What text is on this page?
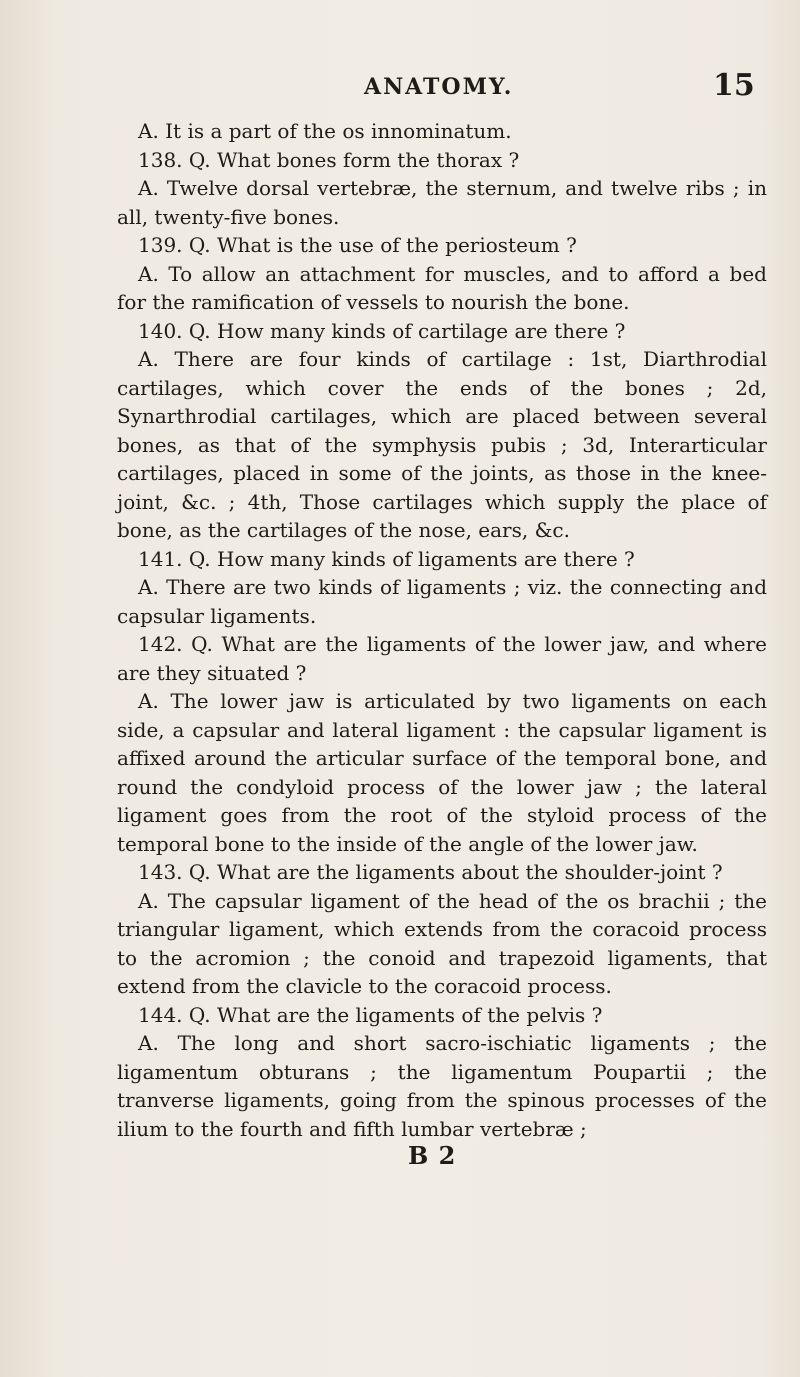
ANATOMY.	15

A. It is a part of the os innominatum.

138. Q. What bones form the thorax ?

A. Twelve dorsal vertebræ, the sternum, and twelve ribs ; in all, twenty-five bones.

139. Q. What is the use of the periosteum ?

A. To allow an attachment for muscles, and to afford a bed for the ramification of vessels to nourish the bone.

140. Q. How many kinds of cartilage are there ?

A. There are four kinds of cartilage : 1st, Diarthrodial cartilages, which cover the ends of the bones ; 2d, Synarthrodial cartilages, which are placed between several bones, as that of the symphysis pubis ; 3d, Interarticular cartilages, placed in some of the joints, as those in the knee-joint, &c. ; 4th, Those cartilages which supply the place of bone, as the cartilages of the nose, ears, &c.

141. Q. How many kinds of ligaments are there ?

A. There are two kinds of ligaments ; viz. the connecting and capsular ligaments.

142. Q. What are the ligaments of the lower jaw, and where are they situated ?

A. The lower jaw is articulated by two ligaments on each side, a capsular and lateral ligament : the capsular ligament is affixed around the articular surface of the temporal bone, and round the condyloid process of the lower jaw ; the lateral ligament goes from the root of the styloid process of the temporal bone to the inside of the angle of the lower jaw.

143. Q. What are the ligaments about the shoulder-joint ?

A. The capsular ligament of the head of the os brachii ; the triangular ligament, which extends from the coracoid process to the acromion ; the conoid and trapezoid ligaments, that extend from the clavicle to the coracoid process.

144. Q. What are the ligaments of the pelvis ?

A. The long and short sacro-ischiatic ligaments ; the ligamentum obturans ; the ligamentum Poupartii ; the tranverse ligaments, going from the spinous processes of the ilium to the fourth and fifth lumbar vertebræ ;

B 2
